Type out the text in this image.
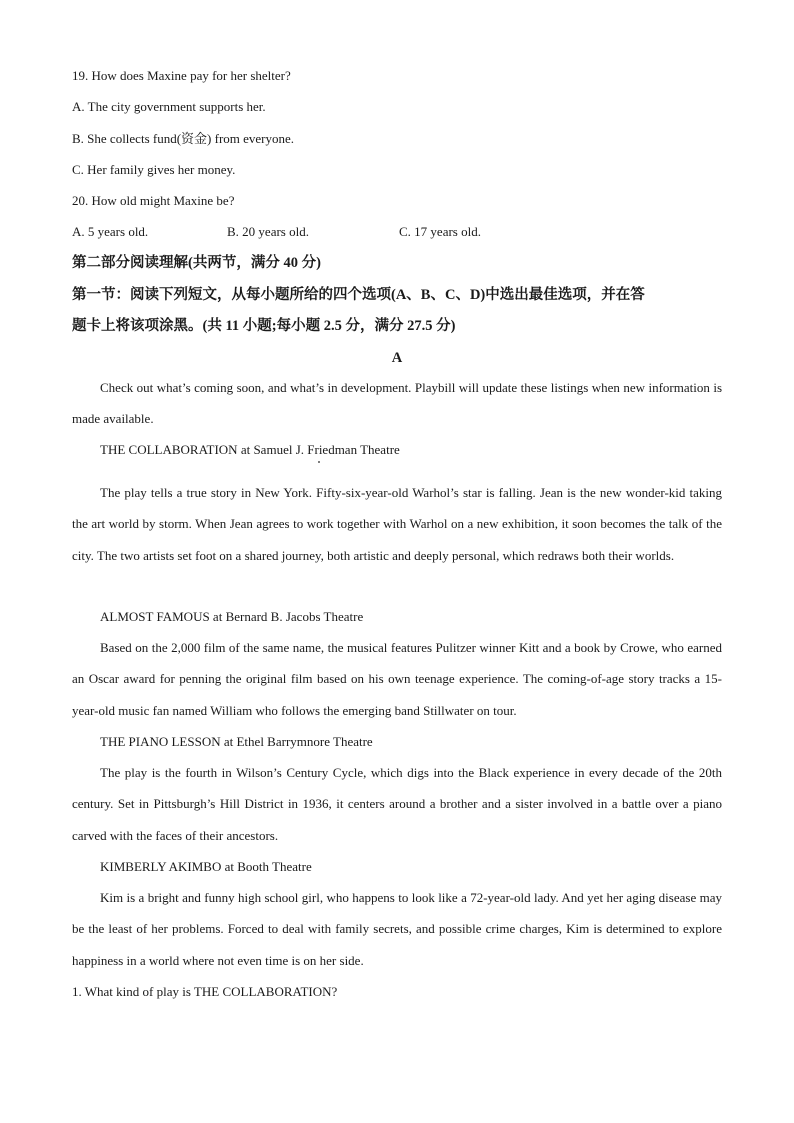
19. How does Maxine pay for her shelter?
A. The city government supports her.
B. She collects fund(资金) from everyone.
C. Her family gives her money.
20. How old might Maxine be?
A. 5 years old.	B. 20 years old.	C. 17 years old.
第二部分阅读理解(共两节，满分 40 分)
第一节：阅读下列短文，从每小题所给的四个选项(A、B、C、D)中选出最佳选项，并在答
题卡上将该项涂黑。(共 11 小题;每小题 2.5 分，满分 27.5 分)
A
Check out what’s coming soon, and what’s in development. Playbill will update these listings when new information is made available.
THE COLLABORATION at Samuel J. Friedman Theatre
The play tells a true story in New York. Fifty-six-year-old Warhol’s star is falling. Jean is the new wonder-kid taking the art world by storm. When Jean agrees to work together with Warhol on a new exhibition, it soon becomes the talk of the city. The two artists set foot on a shared journey, both artistic and deeply personal, which redraws both their worlds.
ALMOST FAMOUS at Bernard B. Jacobs Theatre
Based on the 2,000 film of the same name, the musical features Pulitzer winner Kitt and a book by Crowe, who earned an Oscar award for penning the original film based on his own teenage experience. The coming-of-age story tracks a 15-year-old music fan named William who follows the emerging band Stillwater on tour.
THE PIANO LESSON at Ethel Barrymnore Theatre
The play is the fourth in Wilson’s Century Cycle, which digs into the Black experience in every decade of the 20th century. Set in Pittsburgh’s Hill District in 1936, it centers around a brother and a sister involved in a battle over a piano carved with the faces of their ancestors.
KIMBERLY AKIMBO at Booth Theatre
Kim is a bright and funny high school girl, who happens to look like a 72-year-old lady. And yet her aging disease may be the least of her problems. Forced to deal with family secrets, and possible crime charges, Kim is determined to explore happiness in a world where not even time is on her side.
1. What kind of play is THE COLLABORATION?
